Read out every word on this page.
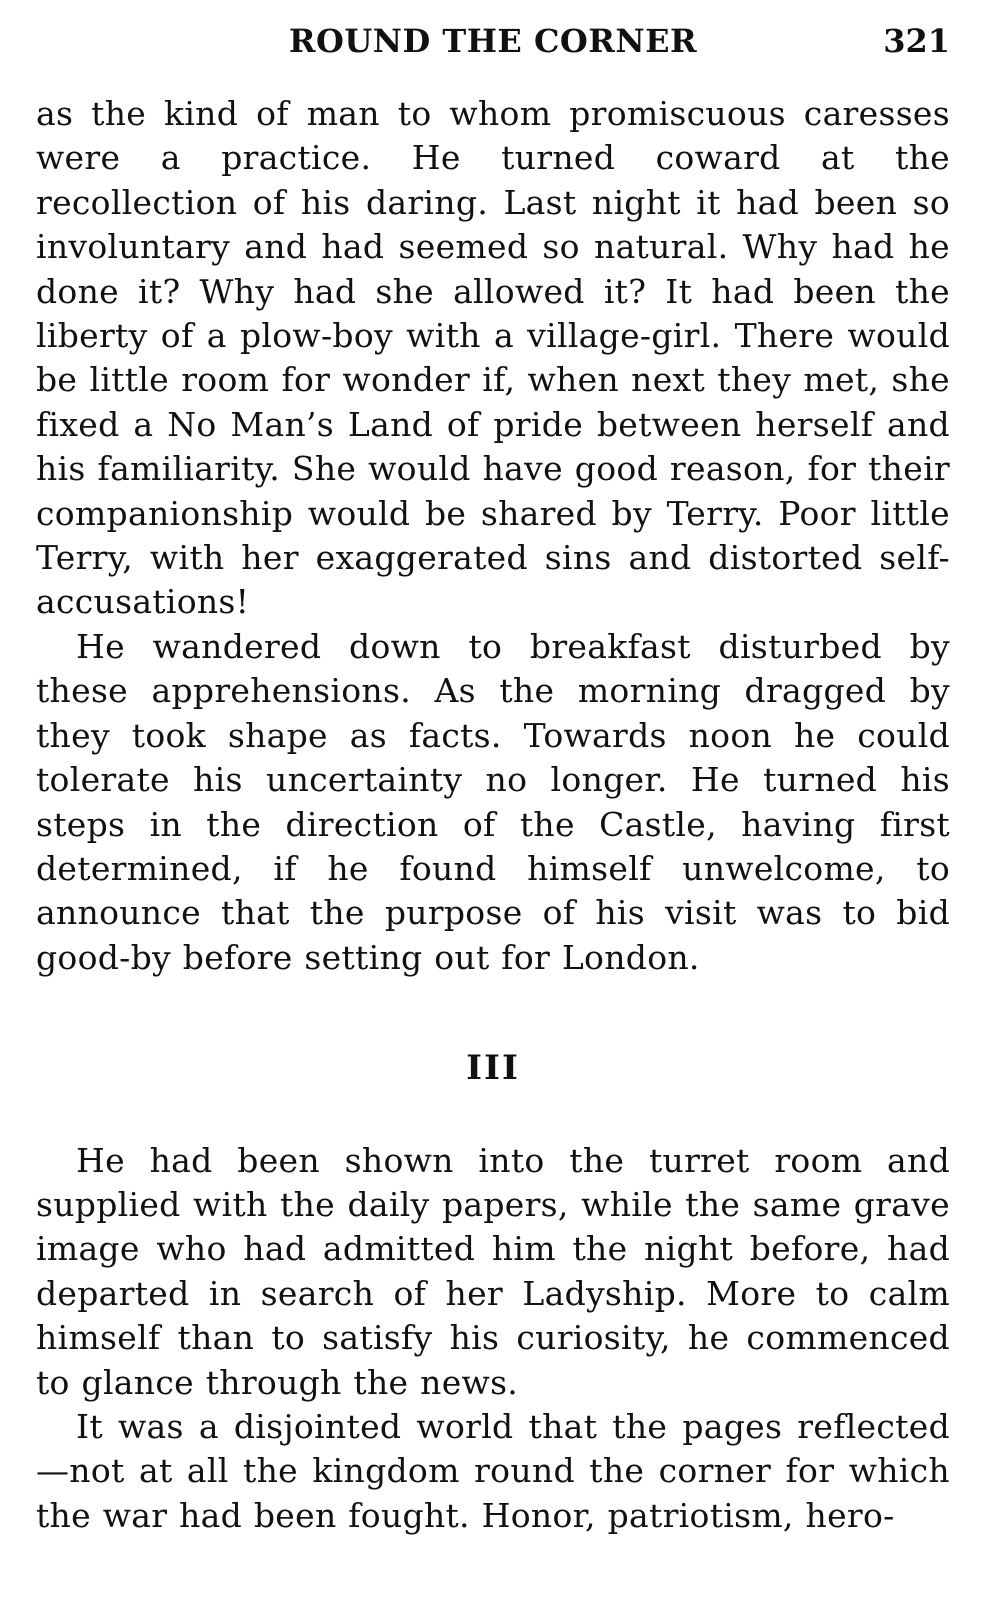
ROUND THE CORNER	321

as the kind of man to whom promiscuous caresses were a practice. He turned coward at the recollection of his daring. Last night it had been so involuntary and had seemed so natural. Why had he done it? Why had she allowed it? It had been the liberty of a plow-boy with a village-girl. There would be little room for wonder if, when next they met, she fixed a No Man’s Land of pride between herself and his familiarity. She would have good reason, for their companionship would be shared by Terry. Poor little Terry, with her exaggerated sins and distorted self-accusations!

He wandered down to breakfast disturbed by these apprehensions. As the morning dragged by they took shape as facts. Towards noon he could tolerate his uncertainty no longer. He turned his steps in the direction of the Castle, having first determined, if he found himself unwelcome, to announce that the purpose of his visit was to bid good-by before setting out for London.

III

He had been shown into the turret room and supplied with the daily papers, while the same grave image who had admitted him the night before, had departed in search of her Ladyship. More to calm himself than to satisfy his curiosity, he commenced to glance through the news.

It was a disjointed world that the pages reflected —not at all the kingdom round the corner for which the war had been fought. Honor, patriotism, hero-
